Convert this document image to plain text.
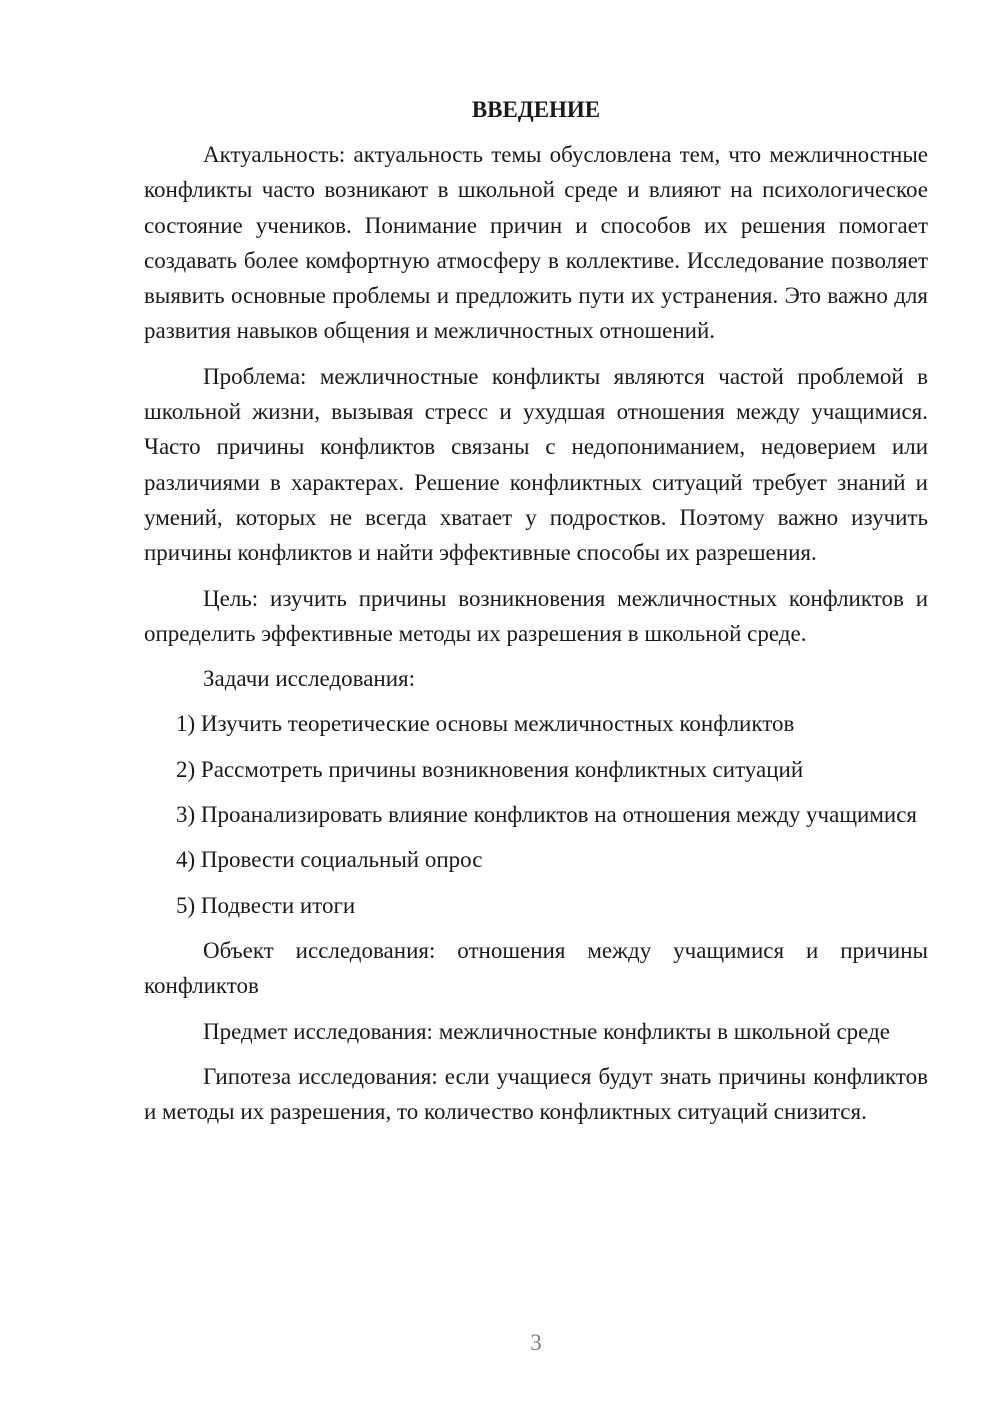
ВВЕДЕНИЕ

Актуальность: актуальность темы обусловлена тем, что межличностные конфликты часто возникают в школьной среде и влияют на психологическое состояние учеников. Понимание причин и способов их решения помогает создавать более комфортную атмосферу в коллективе. Исследование позволяет выявить основные проблемы и предложить пути их устранения. Это важно для развития навыков общения и межличностных отношений.

Проблема: межличностные конфликты являются частой проблемой в школьной жизни, вызывая стресс и ухудшая отношения между учащимися. Часто причины конфликтов связаны с недопониманием, недоверием или различиями в характерах. Решение конфликтных ситуаций требует знаний и умений, которых не всегда хватает у подростков. Поэтому важно изучить причины конфликтов и найти эффективные способы их разрешения.

Цель: изучить причины возникновения межличностных конфликтов и определить эффективные методы их разрешения в школьной среде.

Задачи исследования:

1) Изучить теоретические основы межличностных конфликтов

2) Рассмотреть причины возникновения конфликтных ситуаций

3) Проанализировать влияние конфликтов на отношения между учащимися

4) Провести социальный опрос

5) Подвести итоги

Объект исследования: отношения между учащимися и причины конфликтов

Предмет исследования: межличностные конфликты в школьной среде

Гипотеза исследования: если учащиеся будут знать причины конфликтов и методы их разрешения, то количество конфликтных ситуаций снизится.

3
